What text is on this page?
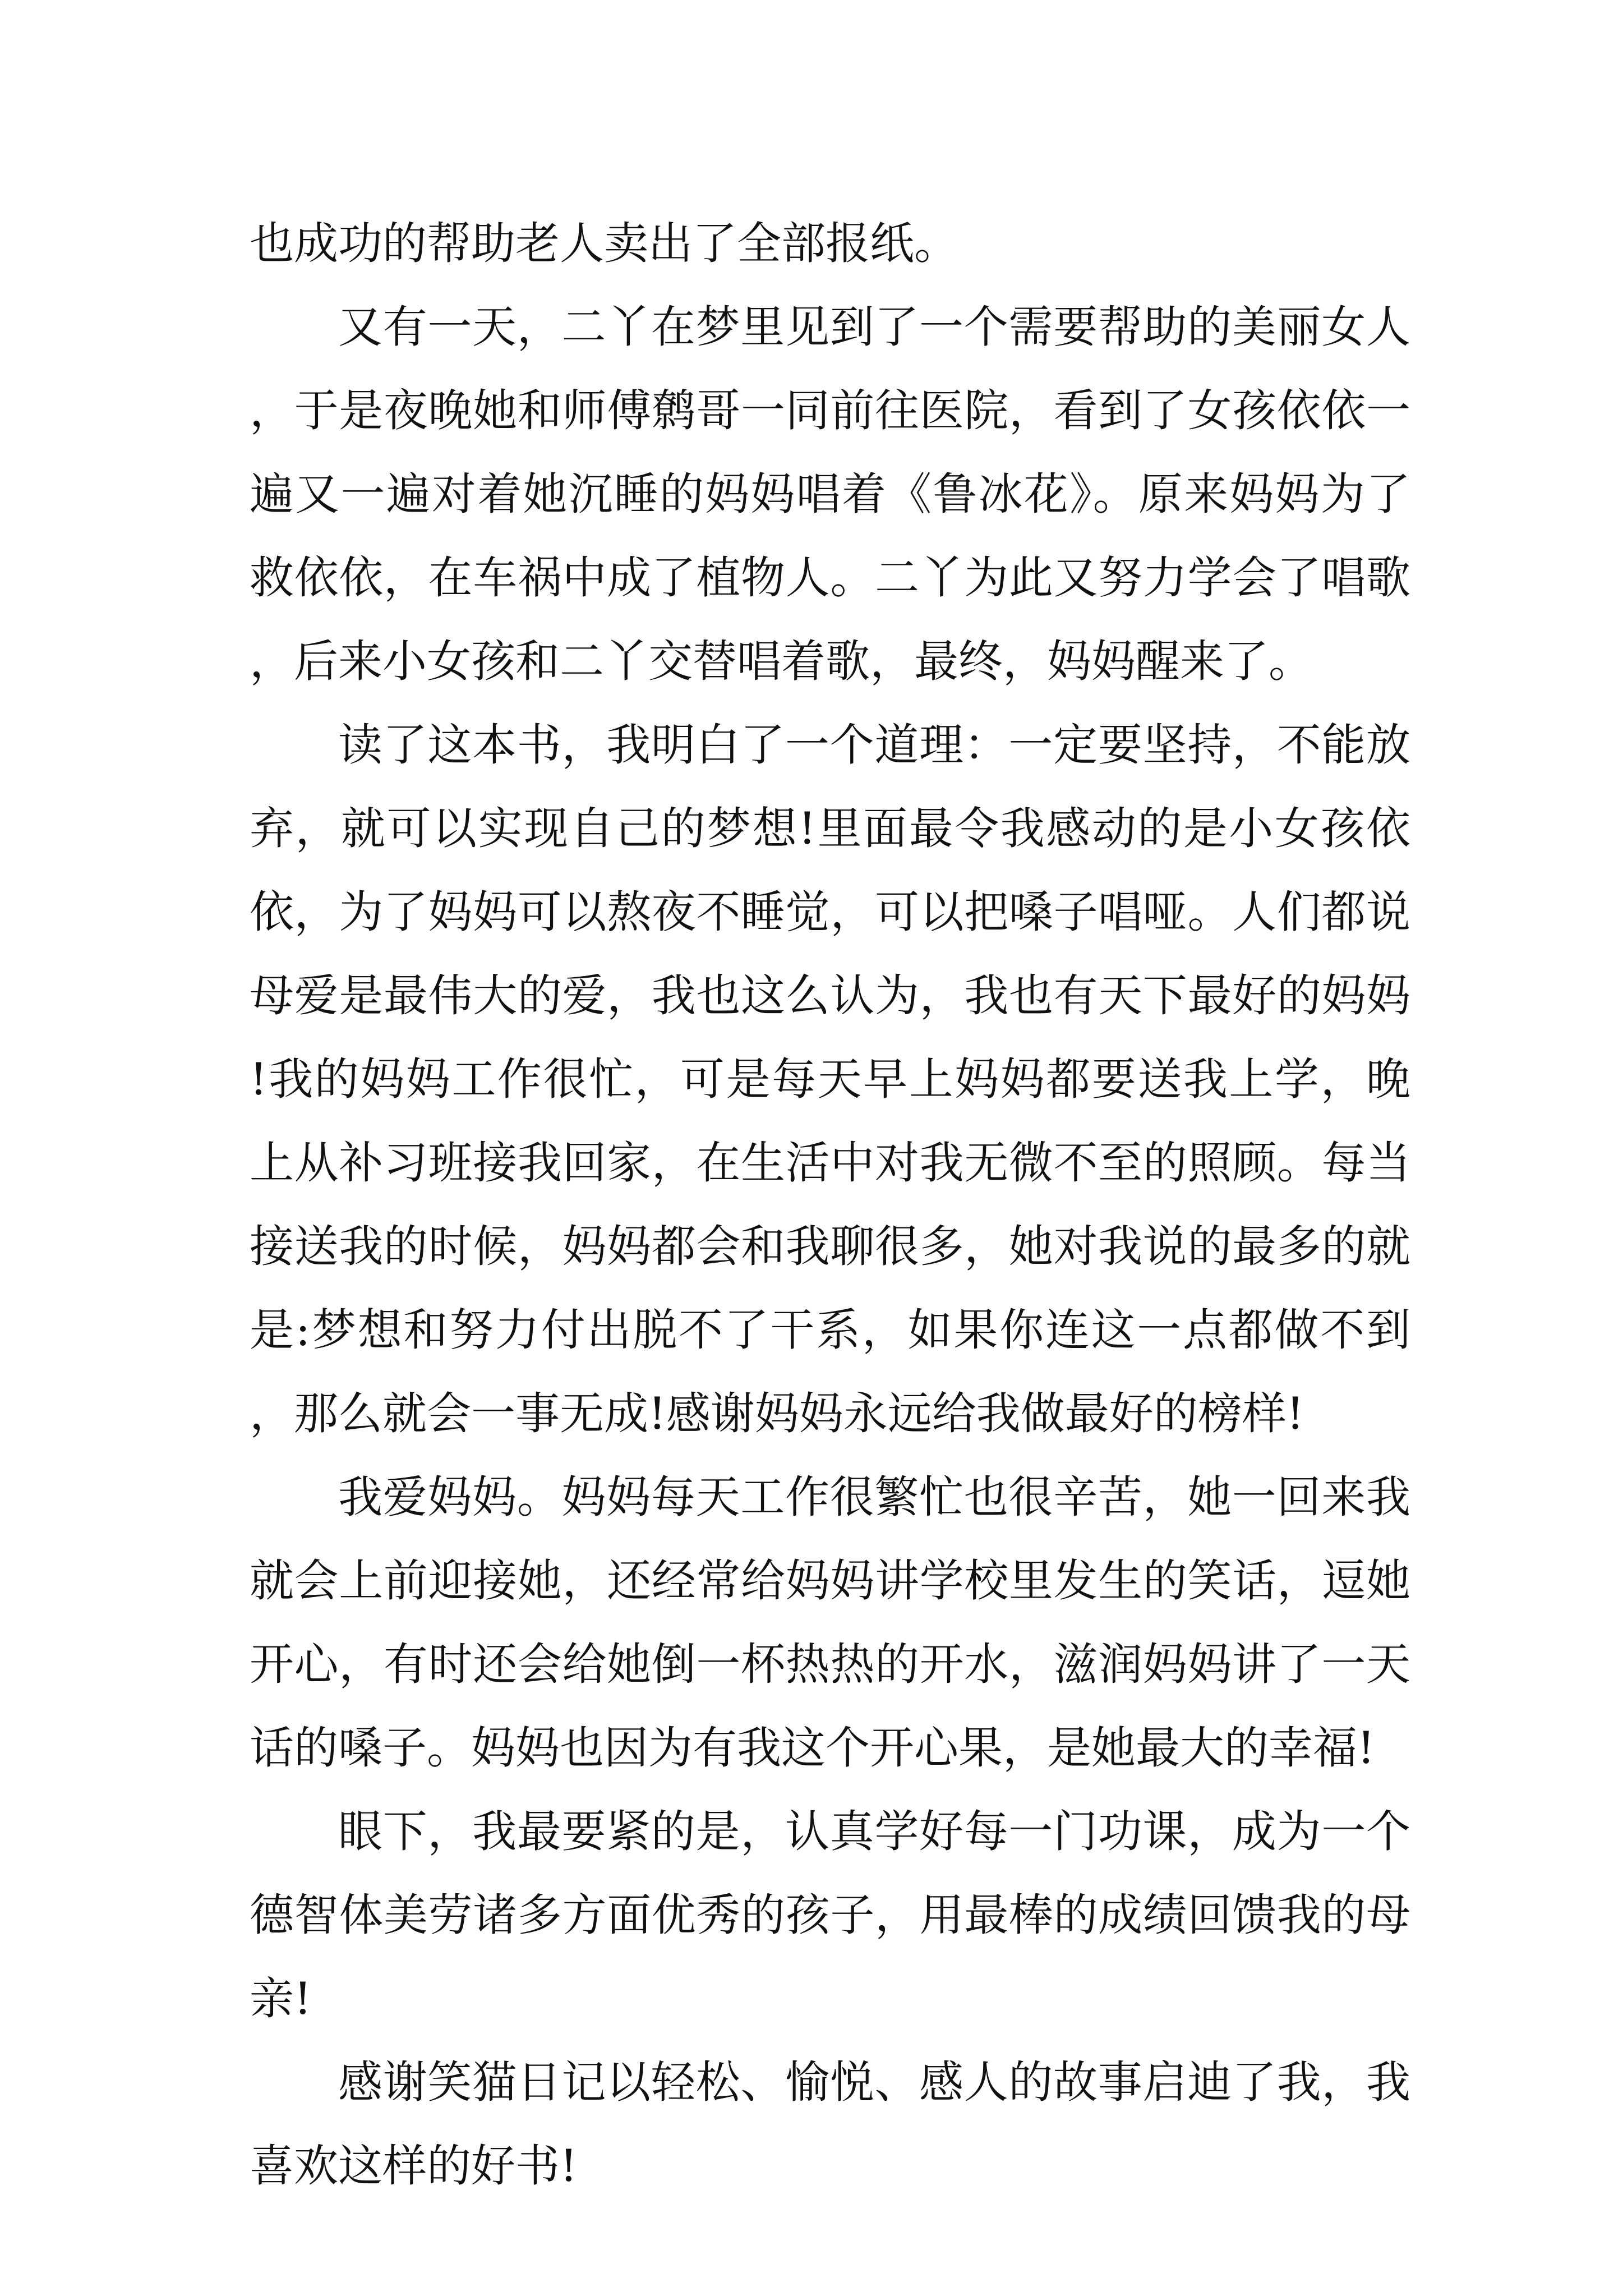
也成功的帮助老人卖出了全部报纸。

又有一天，二丫在梦里见到了一个需要帮助的美丽女人，于是夜晚她和师傅鹩哥一同前往医院，看到了女孩依依一遍又一遍对着她沉睡的妈妈唱着《鲁冰花》。原来妈妈为了救依依，在车祸中成了植物人。二丫为此又努力学会了唱歌，后来小女孩和二丫交替唱着歌，最终，妈妈醒来了。

读了这本书，我明白了一个道理：一定要坚持，不能放弃，就可以实现自己的梦想!里面最令我感动的是小女孩依依，为了妈妈可以熬夜不睡觉，可以把嗓子唱哑。人们都说母爱是最伟大的爱，我也这么认为，我也有天下最好的妈妈!我的妈妈工作很忙，可是每天早上妈妈都要送我上学，晚上从补习班接我回家，在生活中对我无微不至的照顾。每当接送我的时候，妈妈都会和我聊很多，她对我说的最多的就是:梦想和努力付出脱不了干系，如果你连这一点都做不到，那么就会一事无成!感谢妈妈永远给我做最好的榜样!

我爱妈妈。妈妈每天工作很繁忙也很辛苦，她一回来我就会上前迎接她，还经常给妈妈讲学校里发生的笑话，逗她开心，有时还会给她倒一杯热热的开水，滋润妈妈讲了一天话的嗓子。妈妈也因为有我这个开心果，是她最大的幸福!

眼下，我最要紧的是，认真学好每一门功课，成为一个德智体美劳诸多方面优秀的孩子，用最棒的成绩回馈我的母亲!

感谢笑猫日记以轻松、愉悦、感人的故事启迪了我，我喜欢这样的好书!
